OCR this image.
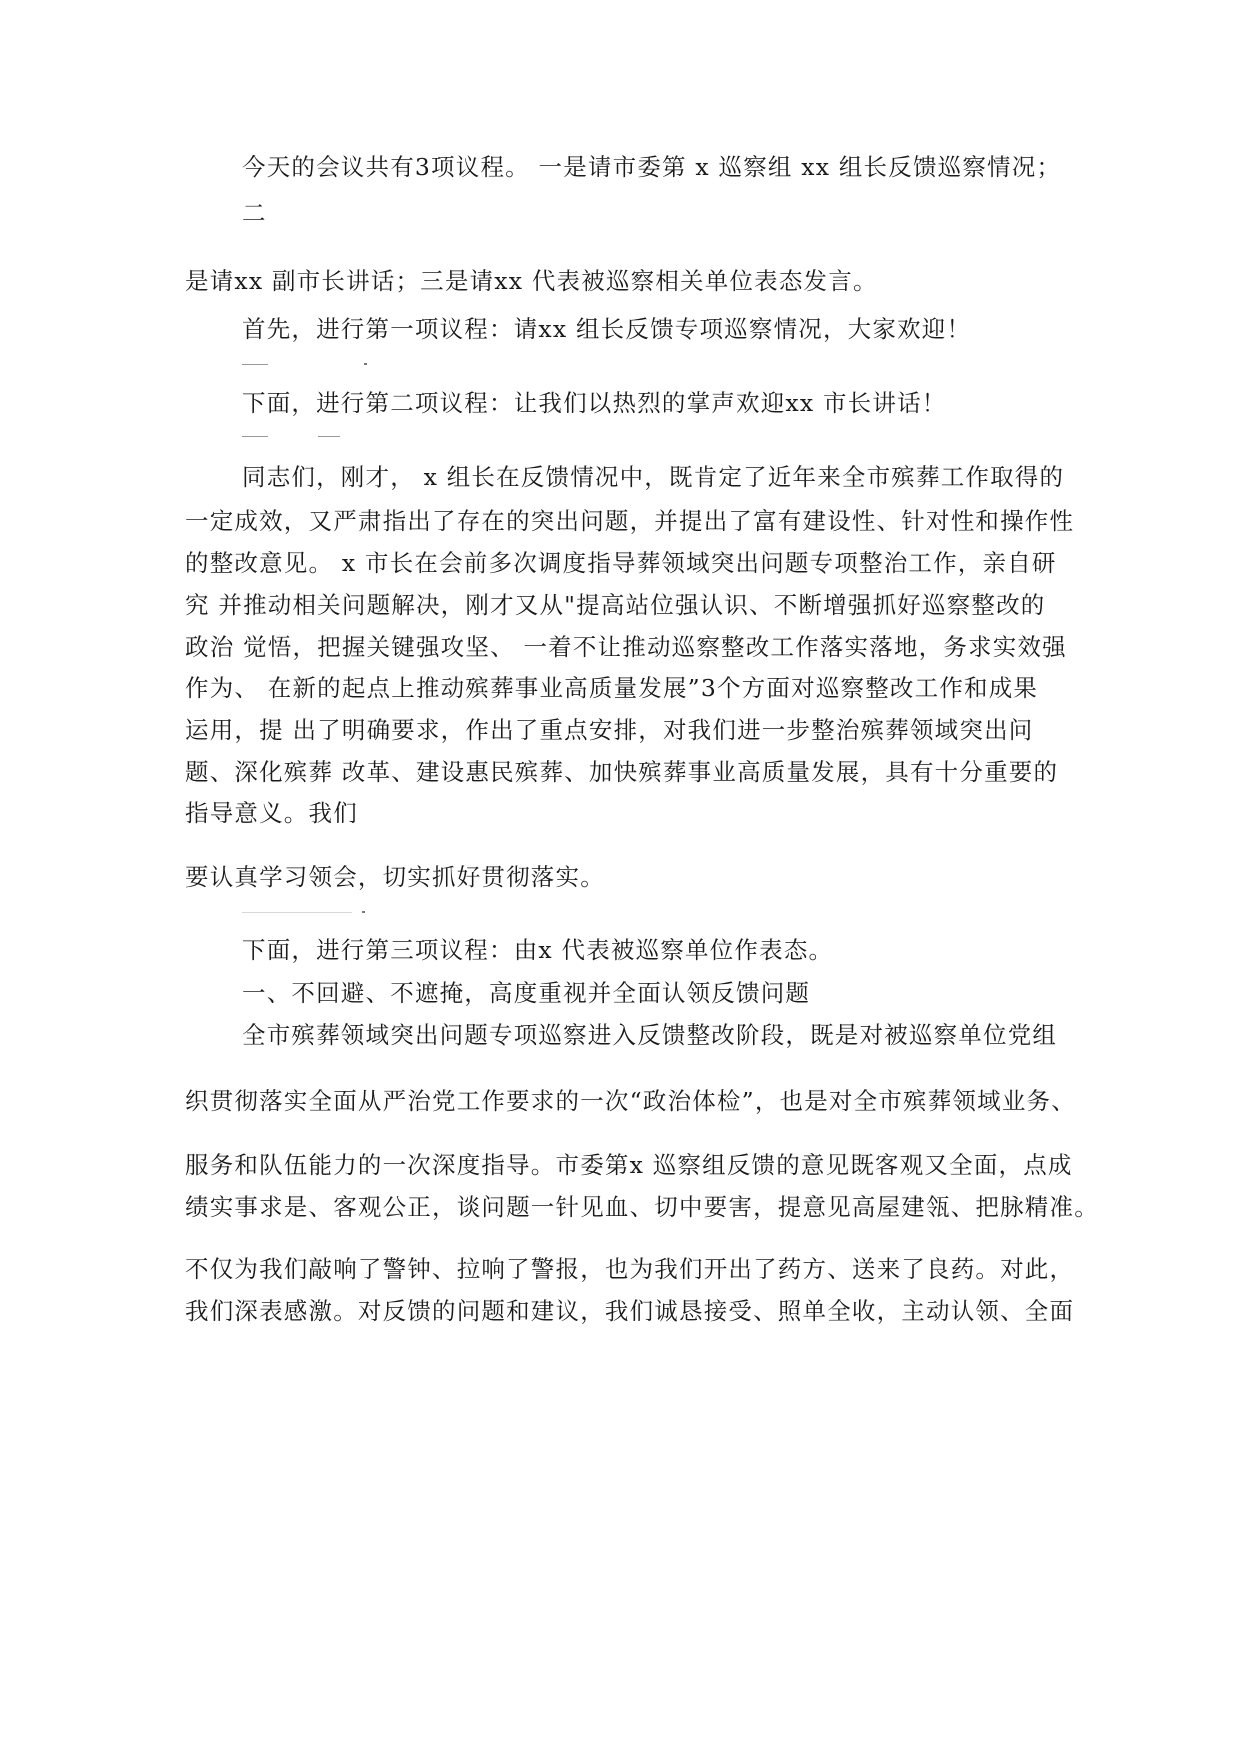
今天的会议共有3项议程。 一是请市委第 x 巡察组 xx 组长反馈巡察情况；
二
是请xx 副市长讲话；三是请xx 代表被巡察相关单位表态发言。
首先，进行第一项议程：请xx 组长反馈专项巡察情况，大家欢迎！
下面，进行第二项议程：让我们以热烈的掌声欢迎xx 市长讲话！
同志们，刚才， x 组长在反馈情况中，既肯定了近年来全市殡葬工作取得的
一定成效，又严肃指出了存在的突出问题，并提出了富有建设性、针对性和操作性
的整改意见。 x 市长在会前多次调度指导葬领域突出问题专项整治工作，亲自研
究 并推动相关问题解决，刚才又从"提高站位强认识、不断增强抓好巡察整改的
政治 觉悟，把握关键强攻坚、 一着不让推动巡察整改工作落实落地，务求实效强
作为、 在新的起点上推动殡葬事业高质量发展”3个方面对巡察整改工作和成果
运用，提 出了明确要求，作出了重点安排，对我们进一步整治殡葬领域突出问
题、深化殡葬 改革、建设惠民殡葬、加快殡葬事业高质量发展，具有十分重要的
指导意义。我们
要认真学习领会，切实抓好贯彻落实。
下面，进行第三项议程：由x 代表被巡察单位作表态。
一、不回避、不遮掩，高度重视并全面认领反馈问题
全市殡葬领域突出问题专项巡察进入反馈整改阶段，既是对被巡察单位党组
织贯彻落实全面从严治党工作要求的一次“政治体检”，也是对全市殡葬领域业务、
服务和队伍能力的一次深度指导。市委第x 巡察组反馈的意见既客观又全面，点成
绩实事求是、客观公正，谈问题一针见血、切中要害，提意见高屋建瓴、把脉精准。
不仅为我们敲响了警钟、拉响了警报，也为我们开出了药方、送来了良药。对此，
我们深表感激。对反馈的问题和建议，我们诚恳接受、照单全收，主动认领、全面
